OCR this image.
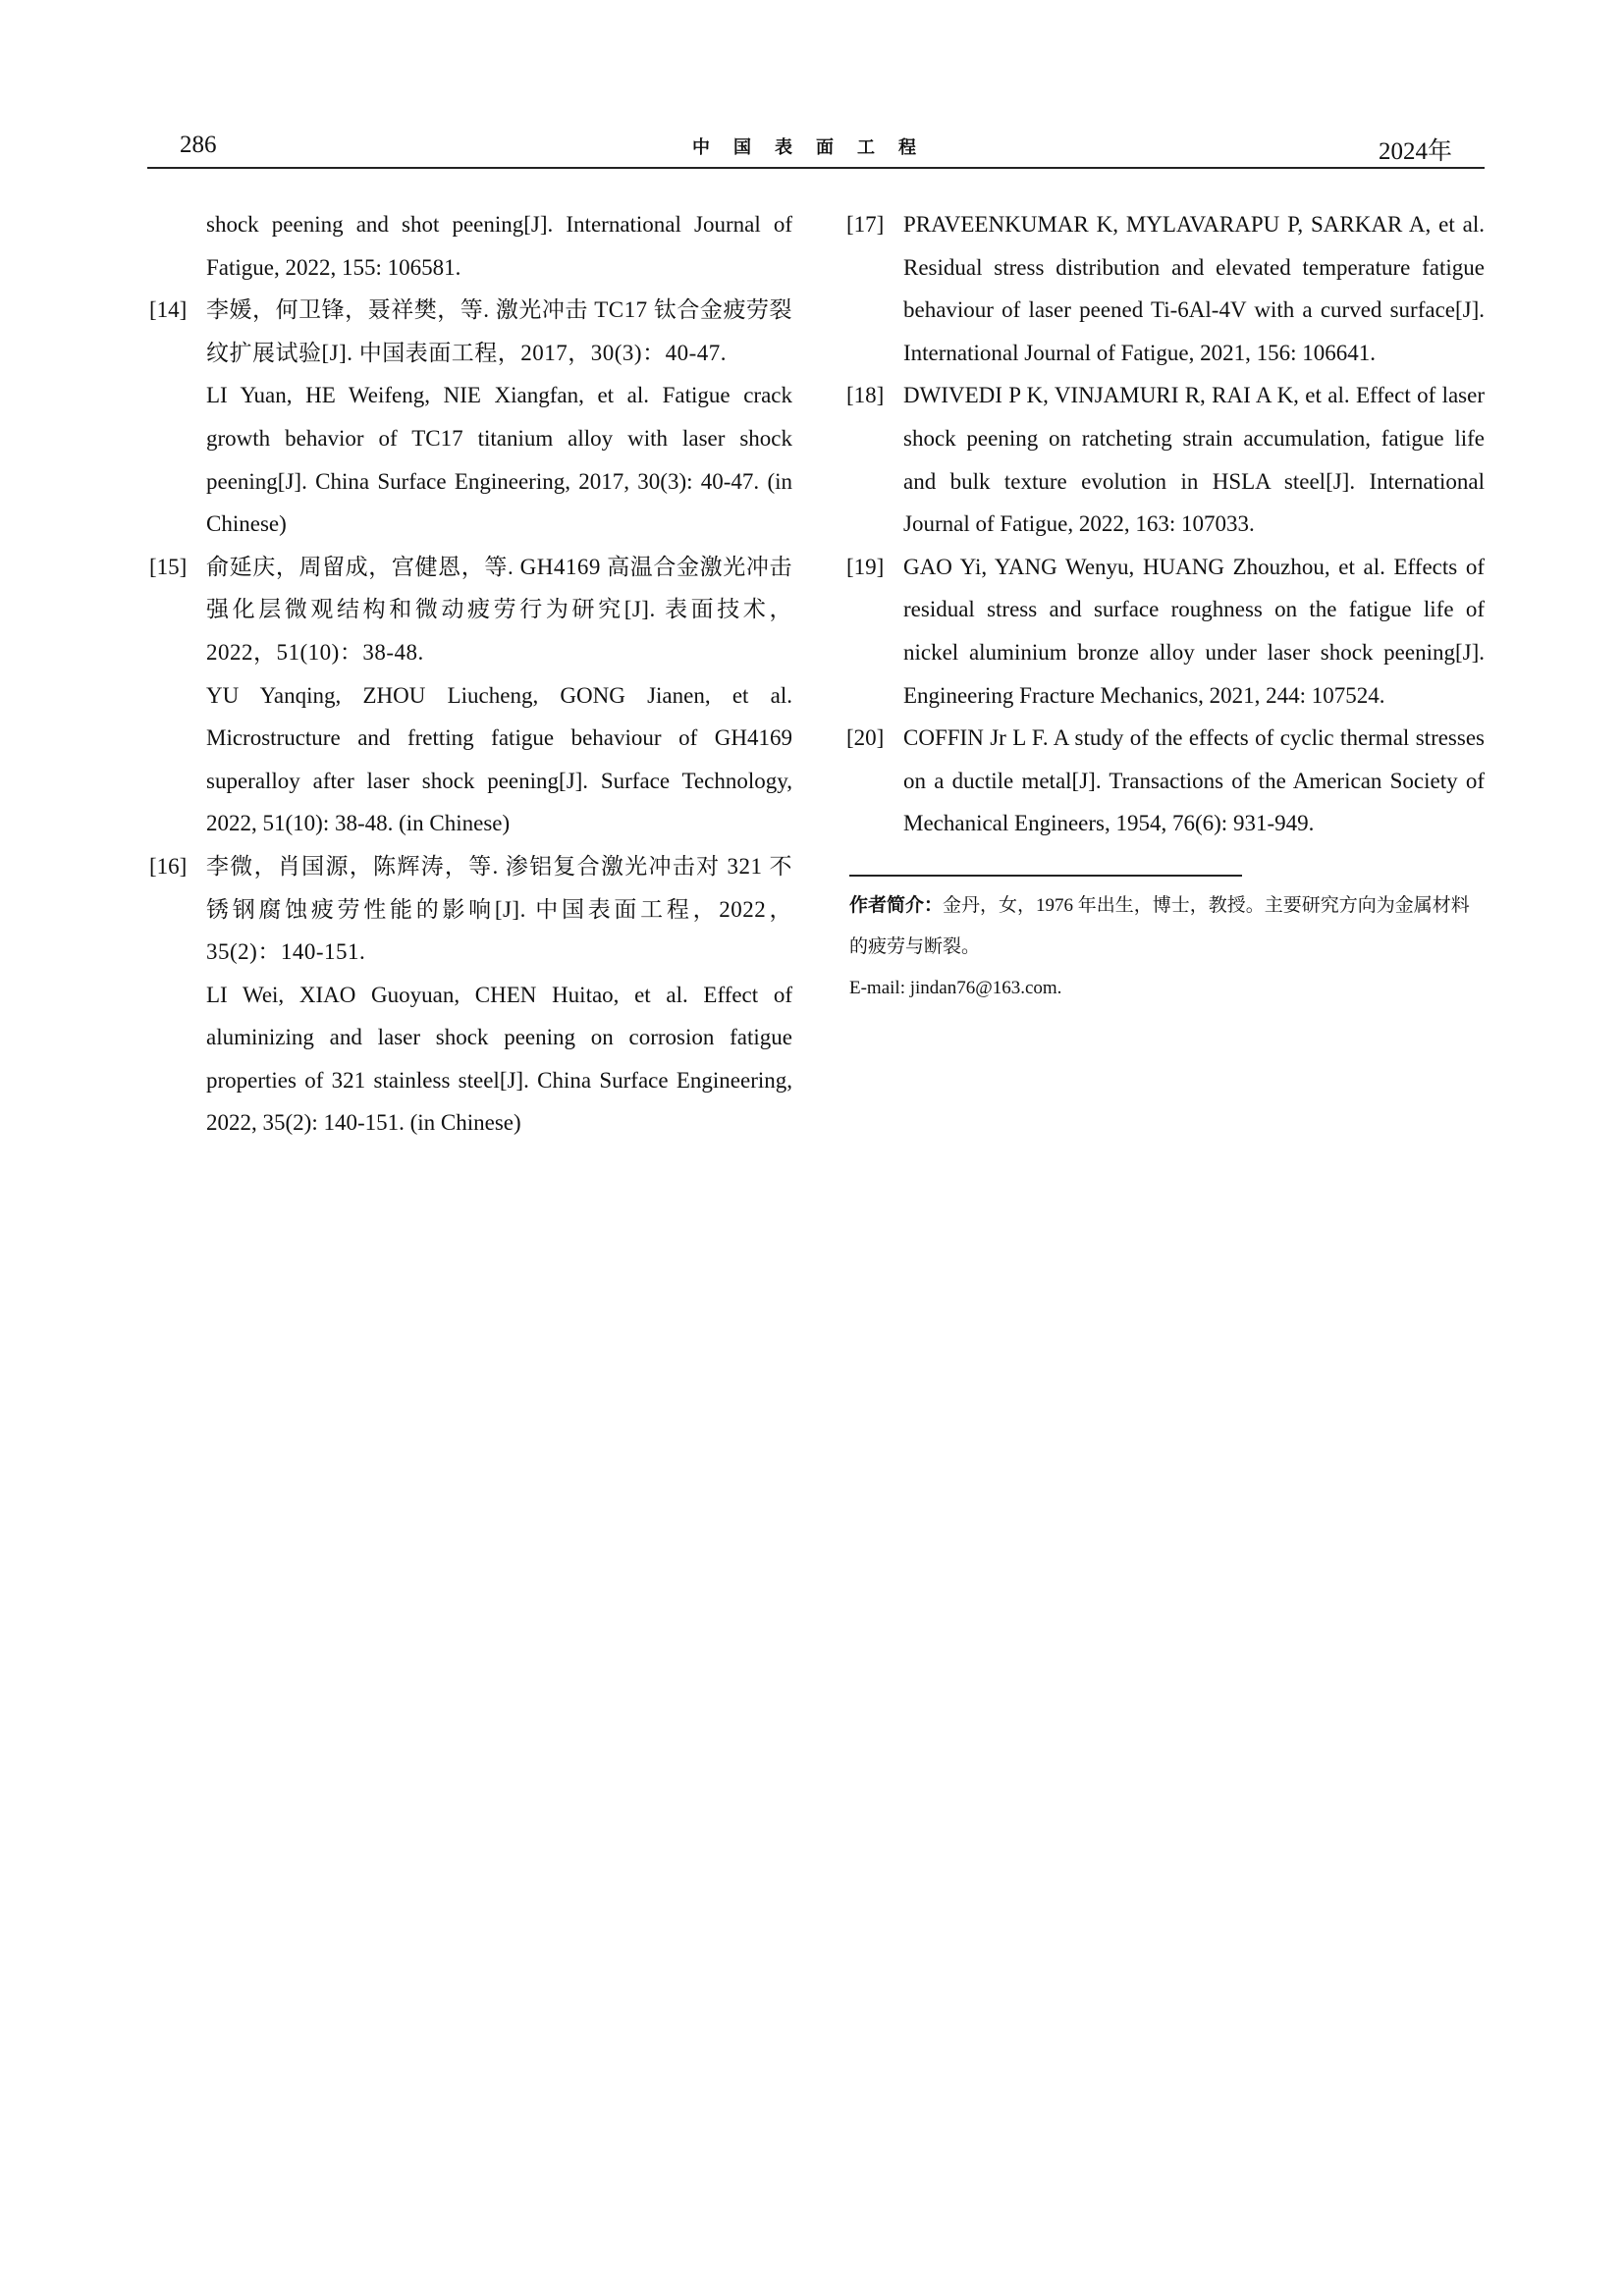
286	中国表面工程	2024年

shock peening and shot peening[J]. International Journal of Fatigue, 2022, 155: 106581.

[14] 李媛，何卫锋，聂祥樊，等. 激光冲击 TC17 钛合金疲劳裂纹扩展试验[J]. 中国表面工程，2017，30(3)：40-47.

LI Yuan, HE Weifeng, NIE Xiangfan, et al. Fatigue crack growth behavior of TC17 titanium alloy with laser shock peening[J]. China Surface Engineering, 2017, 30(3): 40-47. (in Chinese)

[15] 俞延庆，周留成，宫健恩，等. GH4169 高温合金激光冲击强化层微观结构和微动疲劳行为研究[J]. 表面技术，2022，51(10)：38-48.

YU Yanqing, ZHOU Liucheng, GONG Jianen, et al. Microstructure and fretting fatigue behaviour of GH4169 superalloy after laser shock peening[J]. Surface Technology, 2022, 51(10): 38-48. (in Chinese)

[16] 李微，肖国源，陈辉涛，等. 渗铝复合激光冲击对 321 不锈钢腐蚀疲劳性能的影响[J]. 中国表面工程，2022，35(2)：140-151.

LI Wei, XIAO Guoyuan, CHEN Huitao, et al. Effect of aluminizing and laser shock peening on corrosion fatigue properties of 321 stainless steel[J]. China Surface Engineering, 2022, 35(2): 140-151. (in Chinese)

[17] PRAVEENKUMAR K, MYLAVARAPU P, SARKAR A, et al. Residual stress distribution and elevated temperature fatigue behaviour of laser peened Ti-6Al-4V with a curved surface[J]. International Journal of Fatigue, 2021, 156: 106641.

[18] DWIVEDI P K, VINJAMURI R, RAI A K, et al. Effect of laser shock peening on ratcheting strain accumulation, fatigue life and bulk texture evolution in HSLA steel[J]. International Journal of Fatigue, 2022, 163: 107033.

[19] GAO Yi, YANG Wenyu, HUANG Zhouzhou, et al. Effects of residual stress and surface roughness on the fatigue life of nickel aluminium bronze alloy under laser shock peening[J]. Engineering Fracture Mechanics, 2021, 244: 107524.

[20] COFFIN Jr L F. A study of the effects of cyclic thermal stresses on a ductile metal[J]. Transactions of the American Society of Mechanical Engineers, 1954, 76(6): 931-949.

作者简介：金丹，女，1976 年出生，博士，教授。主要研究方向为金属材料的疲劳与断裂。

E-mail: jindan76@163.com.
